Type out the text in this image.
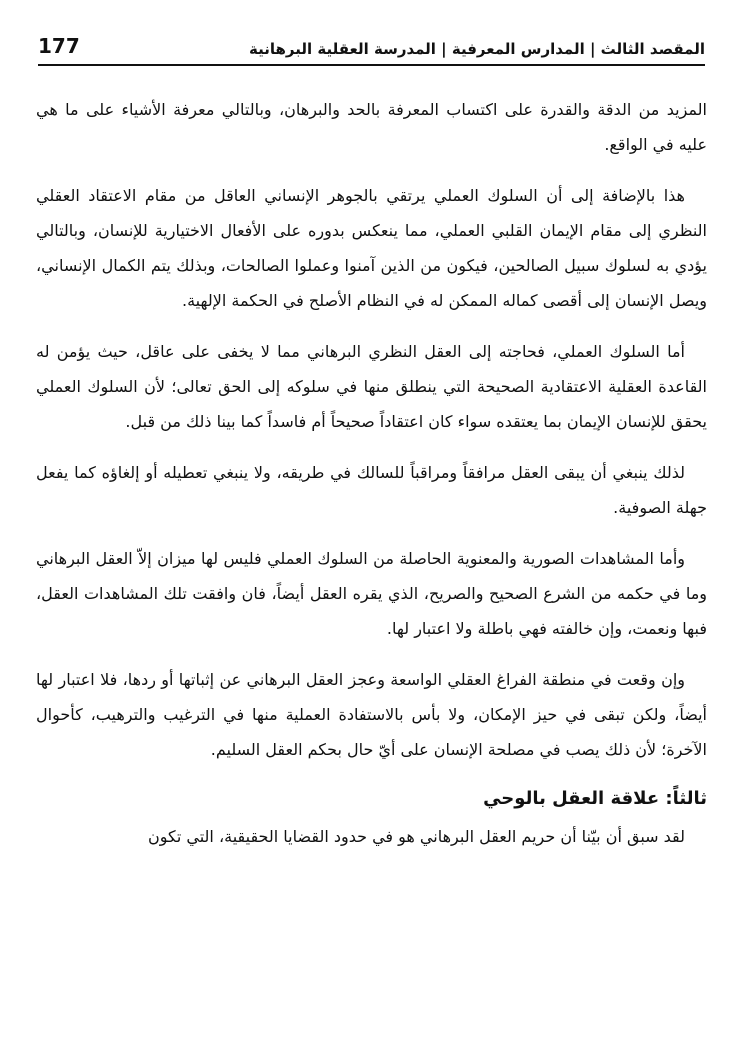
المقصد الثالث | المدارس المعرفية | المدرسة العقلية البرهانية
177

المزيد من الدقة والقدرة على اكتساب المعرفة بالحد والبرهان، وبالتالي معرفة الأشياء على ما هي عليه في الواقع.

هذا بالإضافة إلى أن السلوك العملي يرتقي بالجوهر الإنساني العاقل من مقام الاعتقاد العقلي النظري إلى مقام الإيمان القلبي العملي، مما ينعكس بدوره على الأفعال الاختيارية للإنسان، وبالتالي يؤدي به لسلوك سبيل الصالحين، فيكون من الذين آمنوا وعملوا الصالحات، وبذلك يتم الكمال الإنساني، ويصل الإنسان إلى أقصى كماله الممكن له في النظام الأصلح في الحكمة الإلهية.

أما السلوك العملي، فحاجته إلى العقل النظري البرهاني مما لا يخفى على عاقل، حيث يؤمن له القاعدة العقلية الاعتقادية الصحيحة التي ينطلق منها في سلوكه إلى الحق تعالى؛ لأن السلوك العملي يحقق للإنسان الإيمان بما يعتقده سواء كان اعتقاداً صحيحاً أم فاسداً كما بينا ذلك من قبل.

لذلك ينبغي أن يبقى العقل مرافقاً ومراقباً للسالك في طريقه، ولا ينبغي تعطيله أو إلغاؤه كما يفعل جهلة الصوفية.

وأما المشاهدات الصورية والمعنوية الحاصلة من السلوك العملي فليس لها ميزان إلاّ العقل البرهاني وما في حكمه من الشرع الصحيح والصريح، الذي يقره العقل أيضاً، فان وافقت تلك المشاهدات العقل، فبها ونعمت، وإن خالفته فهي باطلة ولا اعتبار لها.

وإن وقعت في منطقة الفراغ العقلي الواسعة وعجز العقل البرهاني عن إثباتها أو ردها، فلا اعتبار لها أيضاً، ولكن تبقى في حيز الإمكان، ولا بأس بالاستفادة العملية منها في الترغيب والترهيب، كأحوال الآخرة؛ لأن ذلك يصب في مصلحة الإنسان على أيّ حال بحكم العقل السليم.

ثالثاً: علاقة العقل بالوحي

لقد سبق أن بيّنا أن حريم العقل البرهاني هو في حدود القضايا الحقيقية، التي تكون
